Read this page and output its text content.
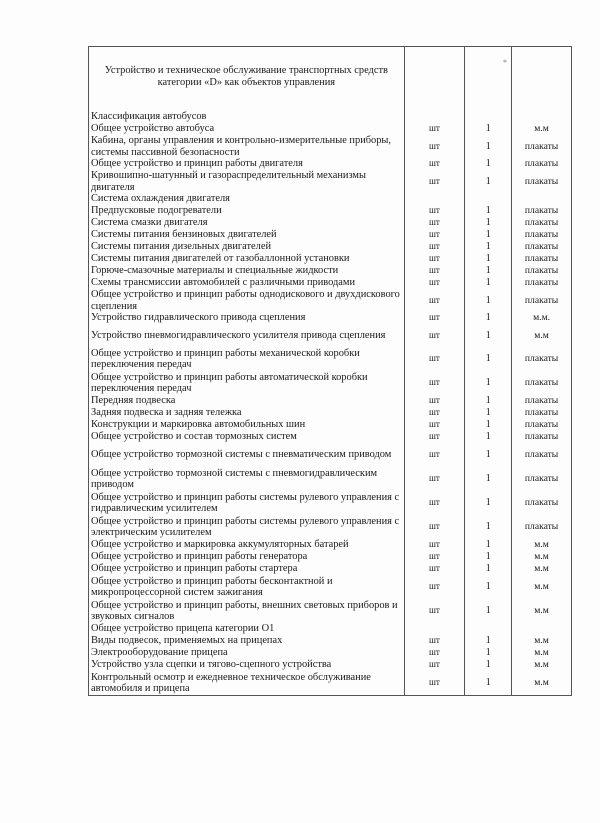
*
Устройство и техническое обслуживание транспортных средств категории «D» как объектов управления			
Классификация автобусов			
Общее устройство автобуса	шт	1	м.м
Кабина, органы управления и контрольно-измерительные приборы, системы пассивной безопасности	шт	1	плакаты
Общее устройство и принцип работы двигателя	шт	1	плакаты
Кривошипно-шатунный и газораспределительный механизмы двигателя	шт	1	плакаты
Система охлаждения двигателя			
Предпусковые подогреватели	шт	1	плакаты
Система смазки двигателя	шт	1	плакаты
Системы питания бензиновых двигателей	шт	1	плакаты
Системы питания дизельных двигателей	шт	1	плакаты
Системы питания двигателей от газобаллонной установки	шт	1	плакаты
Горюче-смазочные материалы и специальные жидкости	шт	1	плакаты
Схемы трансмиссии автомобилей с различными приводами	шт	1	плакаты
Общее устройство и принцип работы однодискового и двухдискового сцепления	шт	1	плакаты
Устройство гидравлического привода сцепления	шт	1	м.м.
Устройство пневмогидравлического усилителя привода сцепления	шт	1	м.м
Общее устройство и принцип работы механической коробки переключения передач	шт	1	плакаты
Общее устройство и принцип работы автоматической коробки переключения передач	шт	1	плакаты
Передняя подвеска	шт	1	плакаты
Задняя подвеска и задняя тележка	шт	1	плакаты
Конструкции и маркировка автомобильных шин	шт	1	плакаты
Общее устройство и состав тормозных систем	шт	1	плакаты
Общее устройство тормозной системы с пневматическим приводом	шт	1	плакаты
Общее устройство тормозной системы с пневмогидравлическим приводом	шт	1	плакаты
Общее устройство и принцип работы системы рулевого управления с гидравлическим усилителем	шт	1	плакаты
Общее устройство и принцип работы системы рулевого управления с электрическим усилителем	шт	1	плакаты
Общее устройство и маркировка аккумуляторных батарей	шт	1	м.м
Общее устройство и принцип работы генератора	шт	1	м.м
Общее устройство и принцип работы стартера	шт	1	м.м
Общее устройство и принцип работы бесконтактной и микропроцессорной систем зажигания	шт	1	м.м
Общее устройство и принцип работы, внешних световых приборов и звуковых сигналов	шт	1	м.м
Общее устройство прицепа категории О1			
Виды подвесок, применяемых на прицепах	шт	1	м.м
Электрооборудование прицепа	шт	1	м.м
Устройство узла сцепки и тягово-сцепного устройства	шт	1	м.м
Контрольный осмотр и ежедневное техническое обслуживание автомобиля и прицепа	шт	1	м.м
